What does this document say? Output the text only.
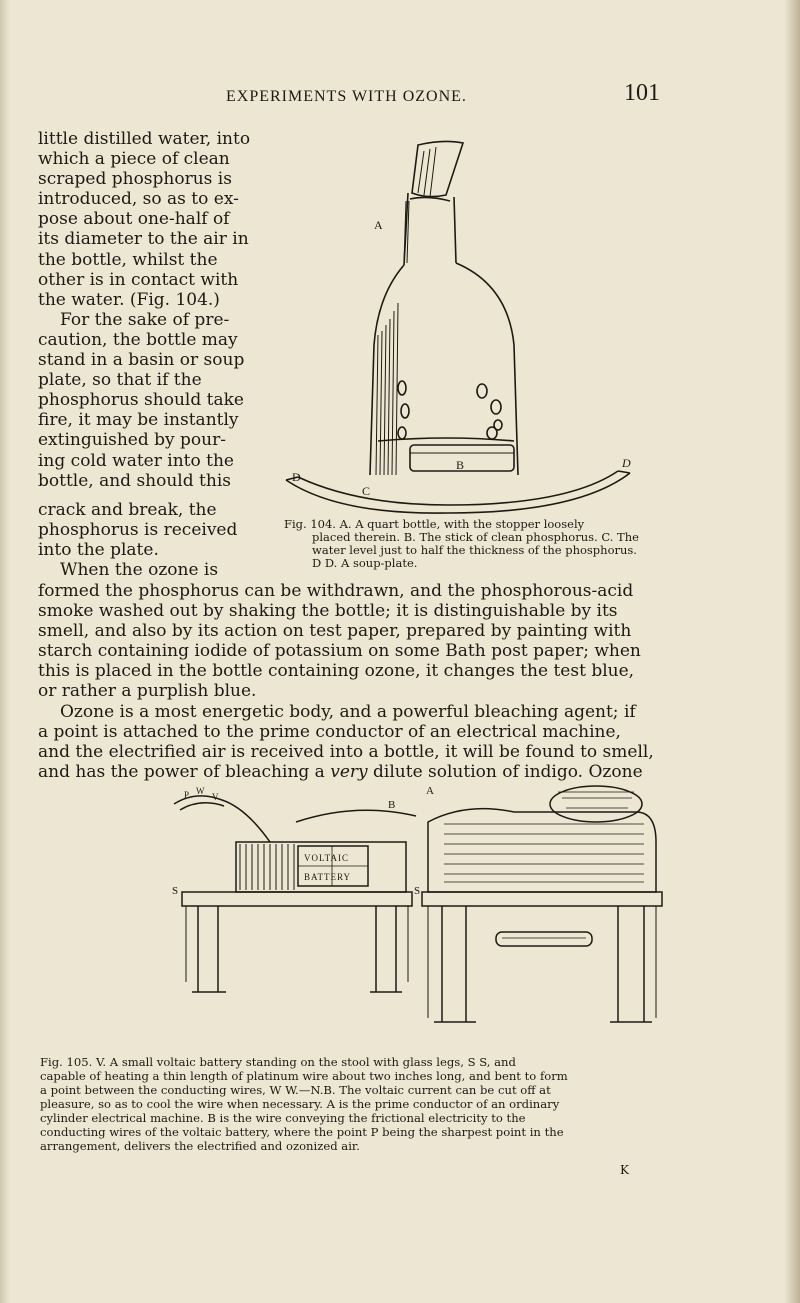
EXPERIMENTS WITH OZONE.	101
little distilled water, into
which a piece of clean
scraped phosphorus is
introduced, so as to ex-
pose about one-half of
its diameter to the air in
the bottle, whilst the
other is in contact with
the water. (Fig. 104.)
For the sake of pre-
caution, the bottle may
stand in a basin or soup
plate, so that if the
phosphorus should take
fire, it may be instantly
extinguished by pour-
ing cold water into the
bottle, and should this
A
B
C
D
D
Fig. 104. A. A quart bottle, with the stopper loosely
placed therein. B. The stick of clean phosphorus. C. The
water level just to half the thickness of the phosphorus.
D D. A soup-plate.
crack and break, the
phosphorus is received
into the plate.
When the ozone is
formed the phosphorus can be withdrawn, and the phosphorous-acid
smoke washed out by shaking the bottle; it is distinguishable by its
smell, and also by its action on test paper, prepared by painting with
starch containing iodide of potassium on some Bath post paper; when
this is placed in the bottle containing ozone, it changes the test blue,
or rather a purplish blue.
Ozone is a most energetic body, and a powerful bleaching agent; if
a point is attached to the prime conductor of an electrical machine,
and the electrified air is received into a bottle, it will be found to smell,
and has the power of bleaching a very dilute solution of indigo. Ozone
VOLTAIC
BATTERY
A
B
V
S	S
W
P
Fig. 105. V. A small voltaic battery standing on the stool with glass legs, S S, and
capable of heating a thin length of platinum wire about two inches long, and bent to form
a point between the conducting wires, W W.—N.B. The voltaic current can be cut off at
pleasure, so as to cool the wire when necessary. A is the prime conductor of an ordinary
cylinder electrical machine. B is the wire conveying the frictional electricity to the
conducting wires of the voltaic battery, where the point P being the sharpest point in the
arrangement, delivers the electrified and ozonized air.
K
